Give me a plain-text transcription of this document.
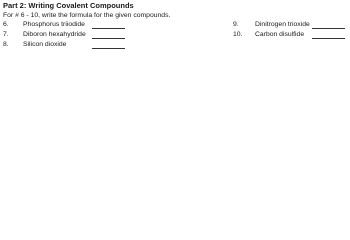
Part 2: Writing Covalent Compounds
For # 6 - 10, write the formula for the given compounds.
6. Phosphorus triiodide
7. Diboron hexahydride
8. Silicon dioxide
9. Dinitrogen trioxide
10. Carbon disulfide
